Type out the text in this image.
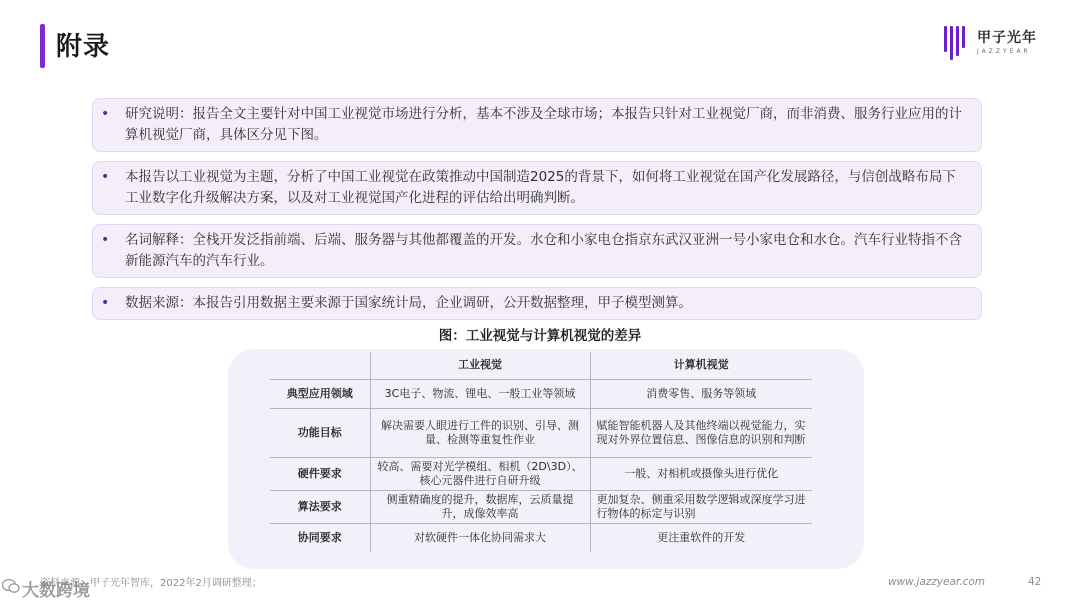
附录	甲子光年
JAZZYEAR
• 研究说明：报告全文主要针对中国工业视觉市场进行分析，基本不涉及全球市场；本报告只针对工业视觉厂商，而非消费、服务行业应用的计算机视觉厂商，具体区分见下图。
• 本报告以工业视觉为主题，分析了中国工业视觉在政策推动中国制造2025的背景下，如何将工业视觉在国产化发展路径，与信创战略布局下工业数字化升级解决方案，以及对工业视觉国产化进程的评估给出明确判断。
• 名词解释：全栈开发泛指前端、后端、服务器与其他都覆盖的开发。水仓和小家电仓指京东武汉亚洲一号小家电仓和水仓。汽车行业特指不含新能源汽车的汽车行业。
• 数据来源：本报告引用数据主要来源于国家统计局，企业调研，公开数据整理，甲子模型测算。
图：工业视觉与计算机视觉的差异
	工业视觉	计算机视觉
典型应用领域	3C电子、物流、锂电、一般工业等领域	消费零售、服务等领域
功能目标	解决需要人眼进行工件的识别、引导、测量、检测等重复性作业	赋能智能机器人及其他终端以视觉能力，实现对外界位置信息、图像信息的识别和判断
硬件要求	较高、需要对光学模组、相机（2D\3D）、核心元器件进行自研升级	一般、对相机或摄像头进行优化
算法要求	侧重精确度的提升，数据库，云质量提升，成像效率高	更加复杂、侧重采用数学逻辑或深度学习进行物体的标定与识别
协同要求	对软硬件一体化协同需求大	更注重软件的开发
资料来源：甲子光年智库，2022年2月调研整理；
大数跨境	www.jazzyear.com	42
